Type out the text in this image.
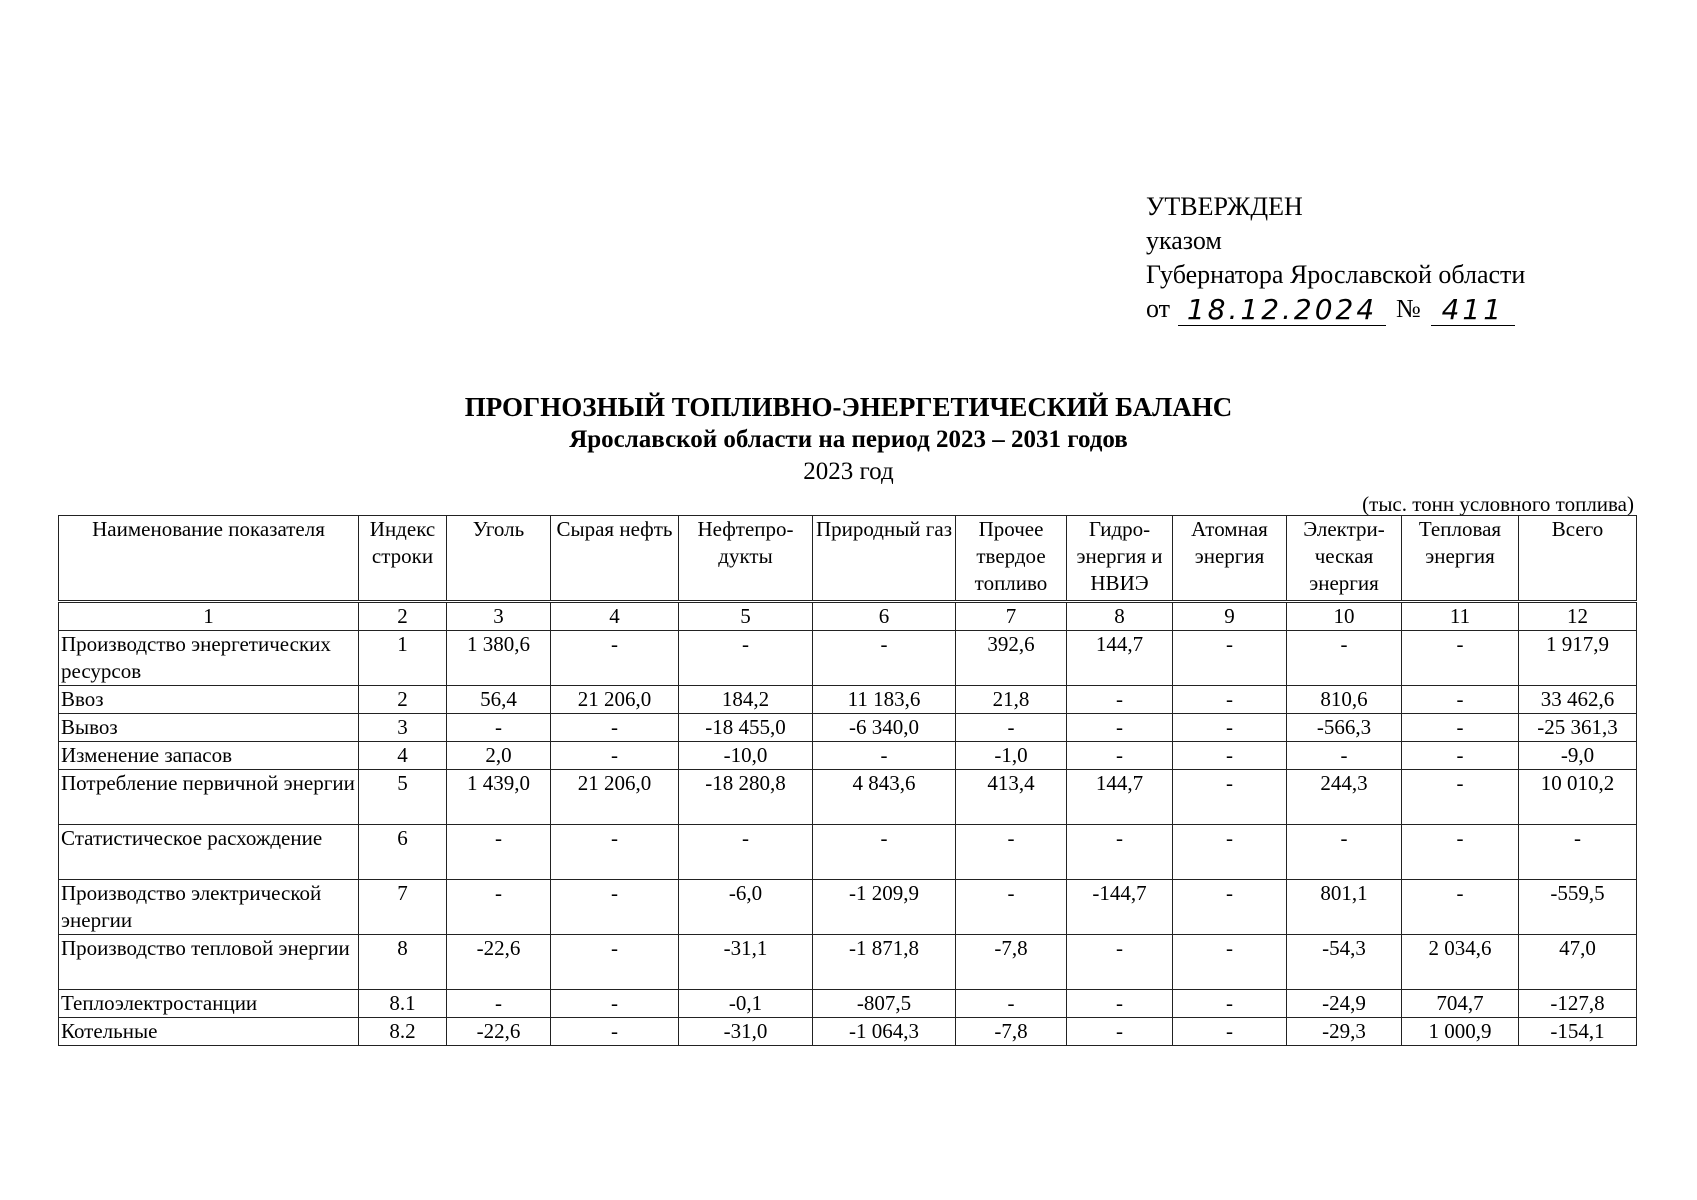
УТВЕРЖДЕН
указом
Губернатора Ярославской области
от 18.12.2024 № 411
ПРОГНОЗНЫЙ ТОПЛИВНО-ЭНЕРГЕТИЧЕСКИЙ БАЛАНС
Ярославской области на период 2023 – 2031 годов
2023 год
(тыс. тонн условного топлива)
Наименование показателя	Индекс строки	Уголь	Сырая нефть	Нефтепро-дукты	Природный газ	Прочее твердое топливо	Гидро-энергия и НВИЭ	Атомная энергия	Электри-ческая энергия	Тепловая энергия	Всего
1	2	3	4	5	6	7	8	9	10	11	12
Производство энергетических ресурсов	1	1 380,6	-	-	-	392,6	144,7	-	-	-	1 917,9
Ввоз	2	56,4	21 206,0	184,2	11 183,6	21,8	-	-	810,6	-	33 462,6
Вывоз	3	-	-	-18 455,0	-6 340,0	-	-	-	-566,3	-	-25 361,3
Изменение запасов	4	2,0	-	-10,0	-	-1,0	-	-	-	-	-9,0
Потребление первичной энергии	5	1 439,0	21 206,0	-18 280,8	4 843,6	413,4	144,7	-	244,3	-	10 010,2
Статистическое расхождение	6	-	-	-	-	-	-	-	-	-	-
Производство электрической энергии	7	-	-	-6,0	-1 209,9	-	-144,7	-	801,1	-	-559,5
Производство тепловой энергии	8	-22,6	-	-31,1	-1 871,8	-7,8	-	-	-54,3	2 034,6	47,0
Теплоэлектростанции	8.1	-	-	-0,1	-807,5	-	-	-	-24,9	704,7	-127,8
Котельные	8.2	-22,6	-	-31,0	-1 064,3	-7,8	-	-	-29,3	1 000,9	-154,1
